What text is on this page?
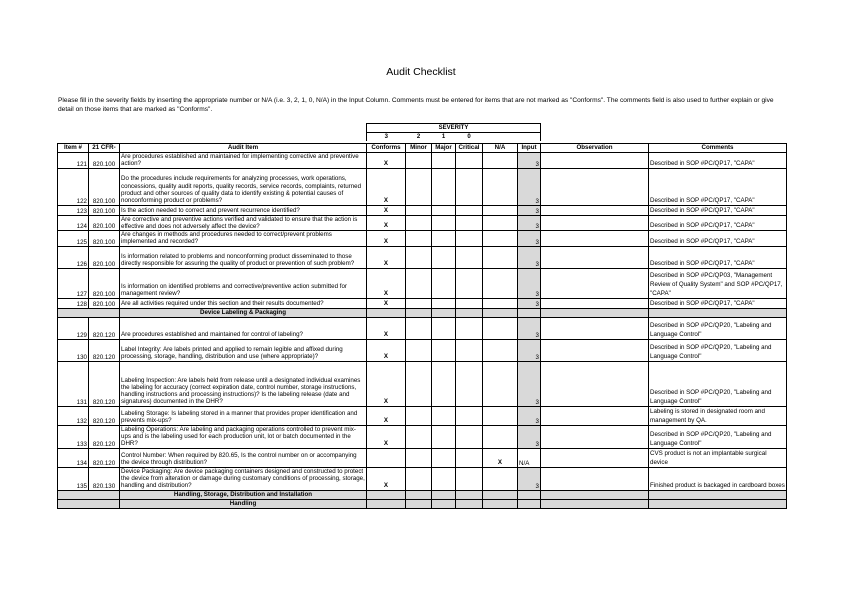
Audit Checklist
Please fill in the severity fields by inserting the appropriate number or N/A (i.e. 3, 2, 1, 0, N/A) in the Input Column. Comments must be entered for items that are not marked as "Conforms". The comments field is also used to further explain or give detail on those items that are marked as "Conforms".
SEVERITY
3	2	1	0		
Item #	21 CFR-	Audit Item	Conforms	Minor	Major	Critical	N/A	Input	Observation	Comments
121	820.100	Are procedures established and maintained for implementing corrective and preventive action?	X					3		Described in SOP #PC/QP17, "CAPA"
122	820.100	Do the procedures include requirements for analyzing processes, work operations, concessions, quality audit reports, quality records, service records, complaints, returned product and other sources of quality data to identify existing & potential causes of nonconforming product or problems?	X					3		Described in SOP #PC/QP17, "CAPA"
123	820.100	Is the action needed to correct and prevent recurrence identified?	X					3		Described in SOP #PC/QP17, "CAPA"
124	820.100	Are corrective and preventive actions verified and validated to ensure that the action is effective and does not adversely affect the device?	X					3		Described in SOP #PC/QP17, "CAPA"
125	820.100	Are changes in methods and procedures needed to correct/prevent problems implemented and recorded?	X					3		Described in SOP #PC/QP17, "CAPA"
126	820.100	Is information related to problems and nonconforming product disseminated to those directly responsible for assuring the quality of product or prevention of such problem?	X					3		Described in SOP #PC/QP17, "CAPA"
127	820.100	Is information on identified problems and corrective/preventive action submitted for management review?	X					3		Described in SOP #PC/QP03, "Management Review of Quality System" and SOP #PC/QP17, "CAPA"
128	820.100	Are all activities required under this section and their results documented?	X					3		Described in SOP #PC/QP17, "CAPA"
		Device Labeling & Packaging								
129	820.120	Are procedures established and maintained for control of labeling?	X					3		Described in SOP #PC/QP20, "Labeling and Language Control"
130	820.120	Label Integrity: Are labels printed and applied to remain legible and affixed during processing, storage, handling, distribution and use (where appropriate)?	X					3		Described in SOP #PC/QP20, "Labeling and Language Control"
131	820.120	Labeling Inspection: Are labels held from release until a designated individual examines the labeling for accuracy (correct expiration date, control number, storage instructions, handling instructions and processing instructions)? Is the labeling release (date and signatures) documented in the DHR?	X					3		Described in SOP #PC/QP20, "Labeling and Language Control"
132	820.120	Labeling Storage: Is labeling stored in a manner that provides proper identification and prevents mix-ups?	X					3		Labeling is stored in designated room and management by QA.
133	820.120	Labeling Operations: Are labeling and packaging operations controlled to prevent mix-ups and is the labeling used for each production unit, lot or batch documented in the DHR?	X					3		Described in SOP #PC/QP20, "Labeling and Language Control"
134	820.120	Control Number: When required by 820.65, Is the control number on or accompanying the device through distribution?					X	N/A		CVS product is not an implantable surgical device
135	820.130	Device Packaging: Are device packaging containers designed and constructed to protect the device from alteration or damage during customary conditions of processing, storage, handling and distribution?	X					3		Finished product is backaged in cardboard boxes
		Handling, Storage, Distribution and Installation								
		Handling								
